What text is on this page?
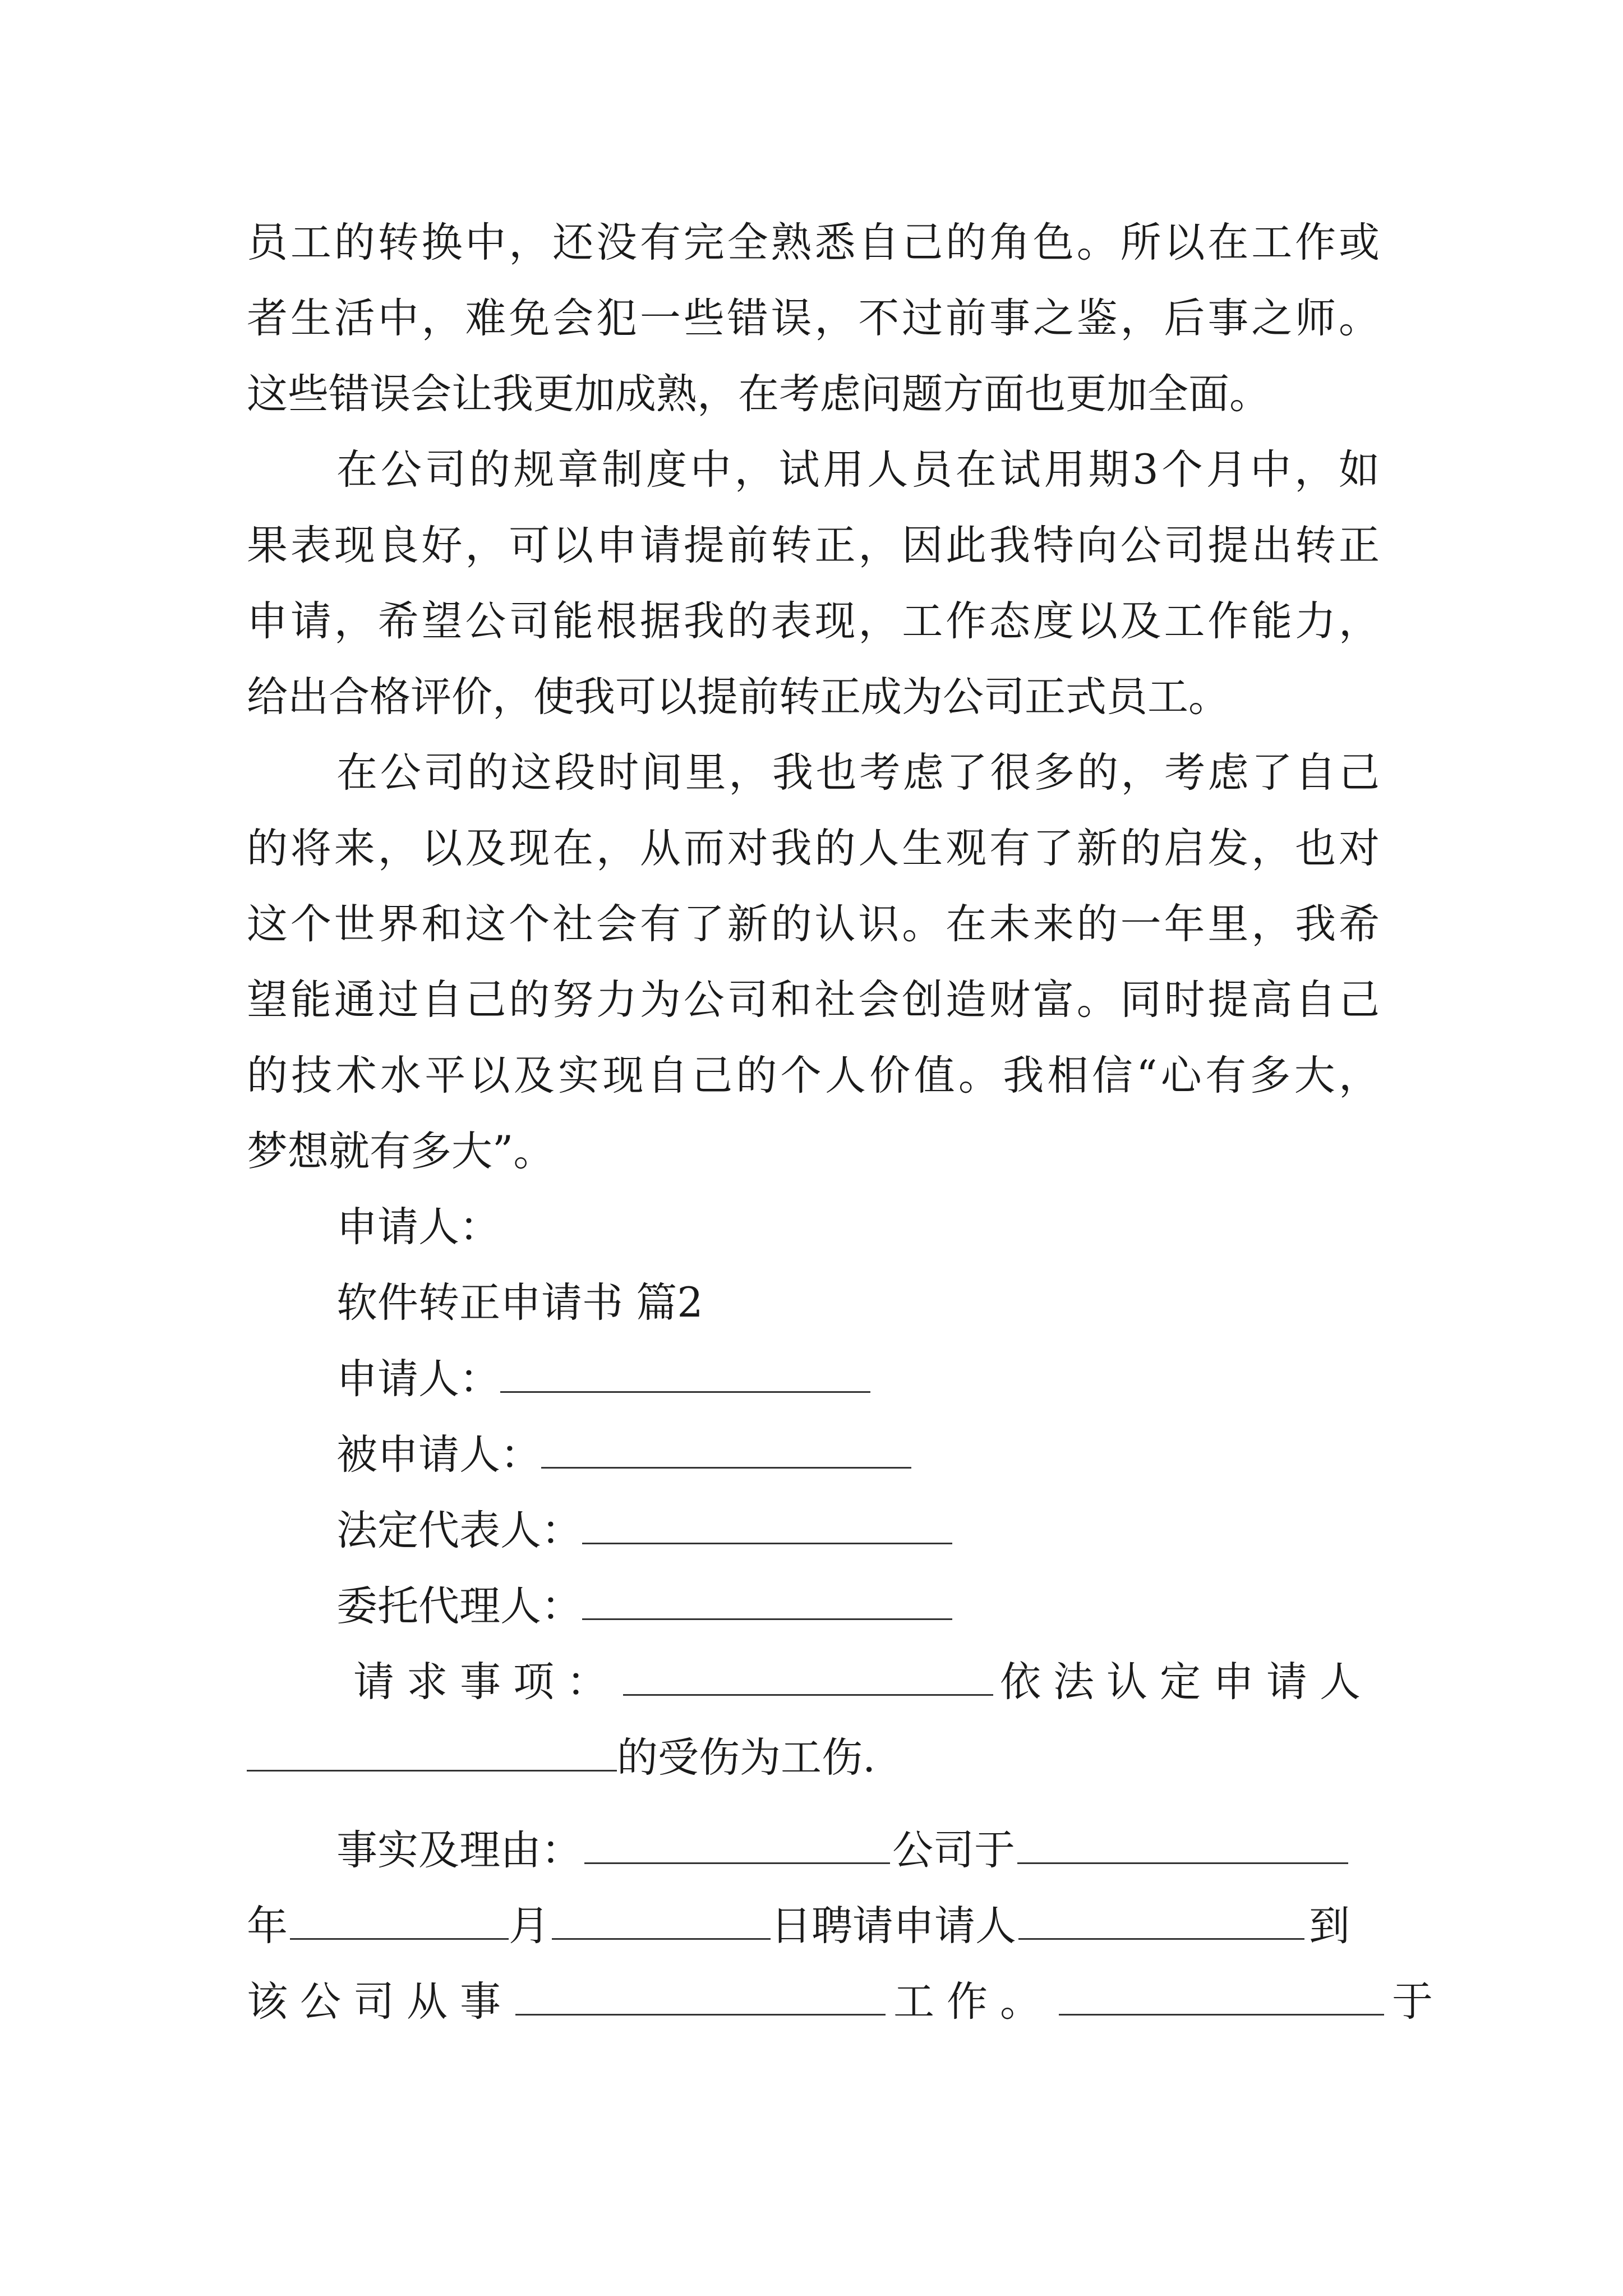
员工的转换中，还没有完全熟悉自己的角色。所以在工作或
者生活中，难免会犯一些错误，不过前事之鉴，后事之师。
这些错误会让我更加成熟，在考虑问题方面也更加全面。
在公司的规章制度中，试用人员在试用期3个月中，如
果表现良好，可以申请提前转正，因此我特向公司提出转正
申请，希望公司能根据我的表现，工作态度以及工作能力，
给出合格评价，使我可以提前转正成为公司正式员工。
在公司的这段时间里，我也考虑了很多的，考虑了自己
的将来，以及现在，从而对我的人生观有了新的启发，也对
这个世界和这个社会有了新的认识。在未来的一年里，我希
望能通过自己的努力为公司和社会创造财富。同时提高自己
的技术水平以及实现自己的个人价值。我相信“心有多大，
梦想就有多大”。
申请人：
软件转正申请书 篇2
申请人：
被申请人：
法定代表人：
委托代理人：
请求事项：	依法认定申请人
的受伤为工伤.
事实及理由：	公司于
年	月	日聘请申请人	到
该公司从事	工作。	于
